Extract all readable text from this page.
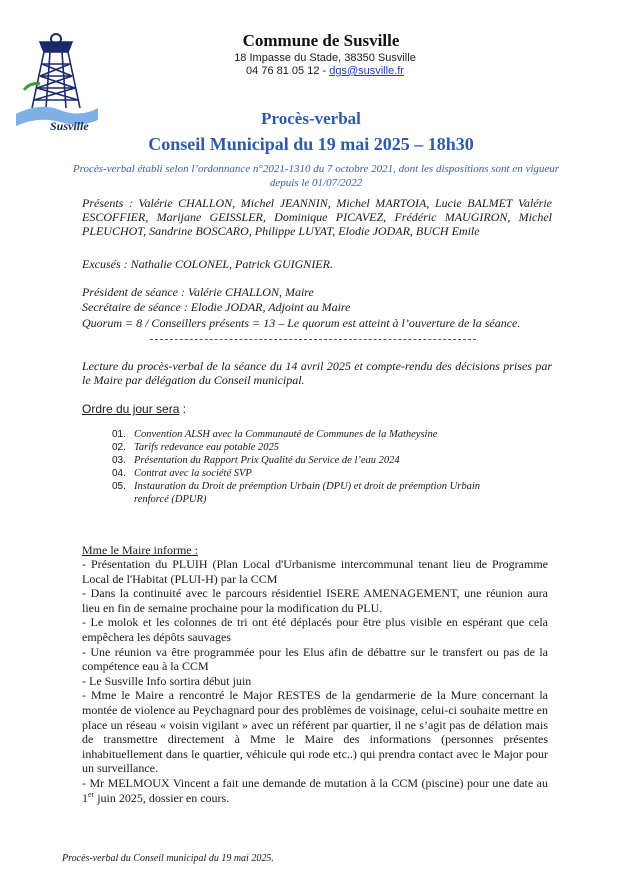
Susville
Commune de Susville
18 Impasse du Stade, 38350 Susville
04 76 81 05 12 - dgs@susville.fr
Procès-verbal
Conseil Municipal du 19 mai 2025 – 18h30
Procès-verbal établi selon l’ordonnance n°2021-1310 du 7 octobre 2021, dont les dispositions sont en vigueur depuis le 01/07/2022
Présents : Valérie CHALLON, Michel JEANNIN, Michel MARTOIA, Lucie BALMET Valérie ESCOFFIER, Marijane GEISSLER, Dominique PICAVEZ, Frédéric MAUGIRON, Michel PLEUCHOT, Sandrine BOSCARO, Philippe LUYAT, Elodie JODAR, BUCH Emile
Excusés : Nathalie COLONEL, Patrick GUIGNIER.
Président de séance : Valérie CHALLON, Maire
Secrétaire de séance : Elodie JODAR, Adjoint au Maire
Quorum = 8 / Conseillers présents = 13 – Le quorum est atteint à l’ouverture de la séance.
Lecture du procès-verbal de la séance du 14 avril 2025 et compte-rendu des décisions prises par le Maire par délégation du Conseil municipal.
Ordre du jour sera :
01. Convention ALSH avec la Communauté de Communes de la Matheysine
02. Tarifs redevance eau potable 2025
03. Présentation du Rapport Prix Qualité du Service de l’eau 2024
04. Contrat avec la société SVP
05. Instauration du Droit de préemption Urbain (DPU) et droit de préemption Urbain renforcé (DPUR)
Mme le Maire informe :

- Présentation du PLUIH (Plan Local d'Urbanisme intercommunal tenant lieu de Programme Local de l'Habitat (PLUI-H) par la CCM

- Dans la continuité avec le parcours résidentiel ISERE AMENAGEMENT, une réunion aura lieu en fin de semaine prochaine pour la modification du PLU.

- Le molok et les colonnes de tri ont été déplacés pour être plus visible en espérant que cela empêchera les dépôts sauvages

- Une réunion va être programmée pour les Elus afin de débattre sur le transfert ou pas de la compétence eau à la CCM

- Le Susville Info sortira début juin

- Mme le Maire a rencontré le Major RESTES de la gendarmerie de la Mure concernant la montée de violence au Peychagnard pour des problèmes de voisinage, celui-ci souhaite mettre en place un réseau « voisin vigilant » avec un référent par quartier, il ne s’agit pas de délation mais de transmettre directement à Mme le Maire des informations (personnes présentes inhabituellement dans le quartier, véhicule qui rode etc..) qui prendra contact avec le Major pour un surveillance.

- Mr MELMOUX Vincent a fait une demande de mutation à la CCM (piscine) pour une date au 1er juin 2025, dossier en cours.

Procès-verbal du Conseil municipal du 19 mai 2025.
